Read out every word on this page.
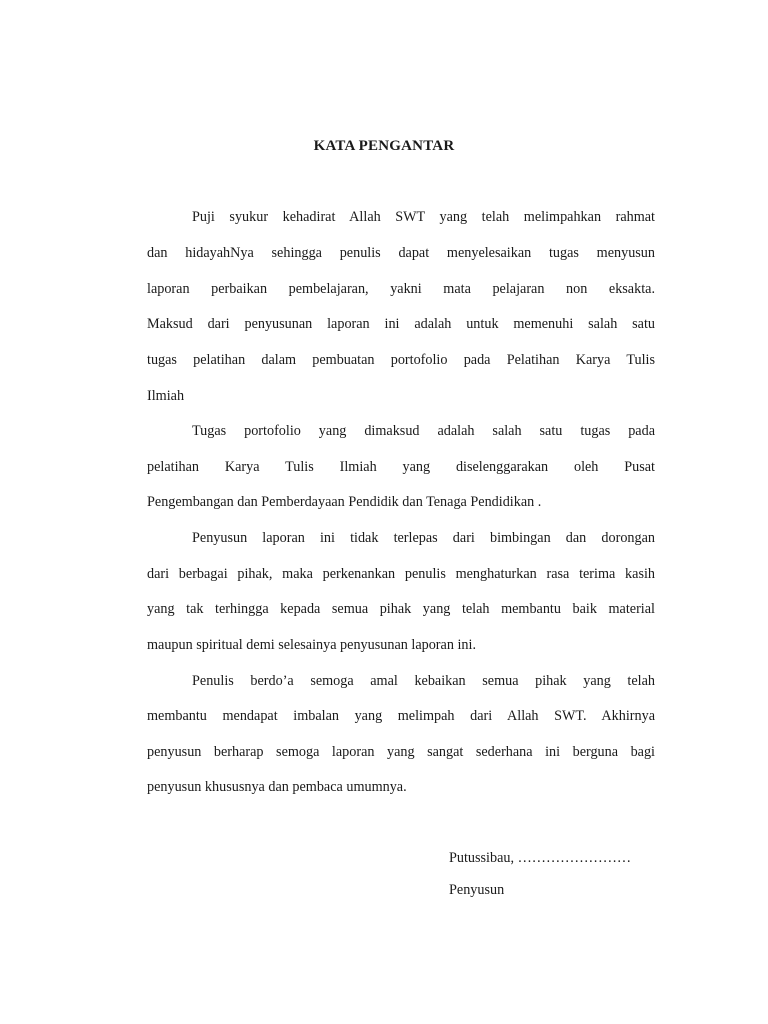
KATA PENGANTAR
Puji syukur kehadirat Allah SWT yang telah melimpahkan rahmat
dan hidayahNya sehingga penulis dapat menyelesaikan tugas menyusun
laporan perbaikan pembelajaran, yakni mata pelajaran non eksakta.
Maksud dari penyusunan laporan ini adalah untuk memenuhi salah satu
tugas pelatihan dalam pembuatan portofolio pada Pelatihan Karya Tulis
Ilmiah
Tugas portofolio yang dimaksud adalah salah satu tugas pada
pelatihan Karya Tulis Ilmiah yang diselenggarakan oleh Pusat
Pengembangan dan Pemberdayaan Pendidik dan Tenaga Pendidikan .
Penyusun laporan ini tidak terlepas dari bimbingan dan dorongan
dari berbagai pihak, maka perkenankan penulis menghaturkan rasa terima kasih
yang tak terhingga kepada semua pihak yang telah membantu baik material
maupun spiritual demi selesainya penyusunan laporan ini.
Penulis berdo’a semoga amal kebaikan semua pihak yang telah
membantu mendapat imbalan yang melimpah dari Allah SWT. Akhirnya
penyusun berharap semoga laporan yang sangat sederhana ini berguna bagi
penyusun khususnya dan pembaca umumnya.
Putussibau, ……………………
Penyusun
